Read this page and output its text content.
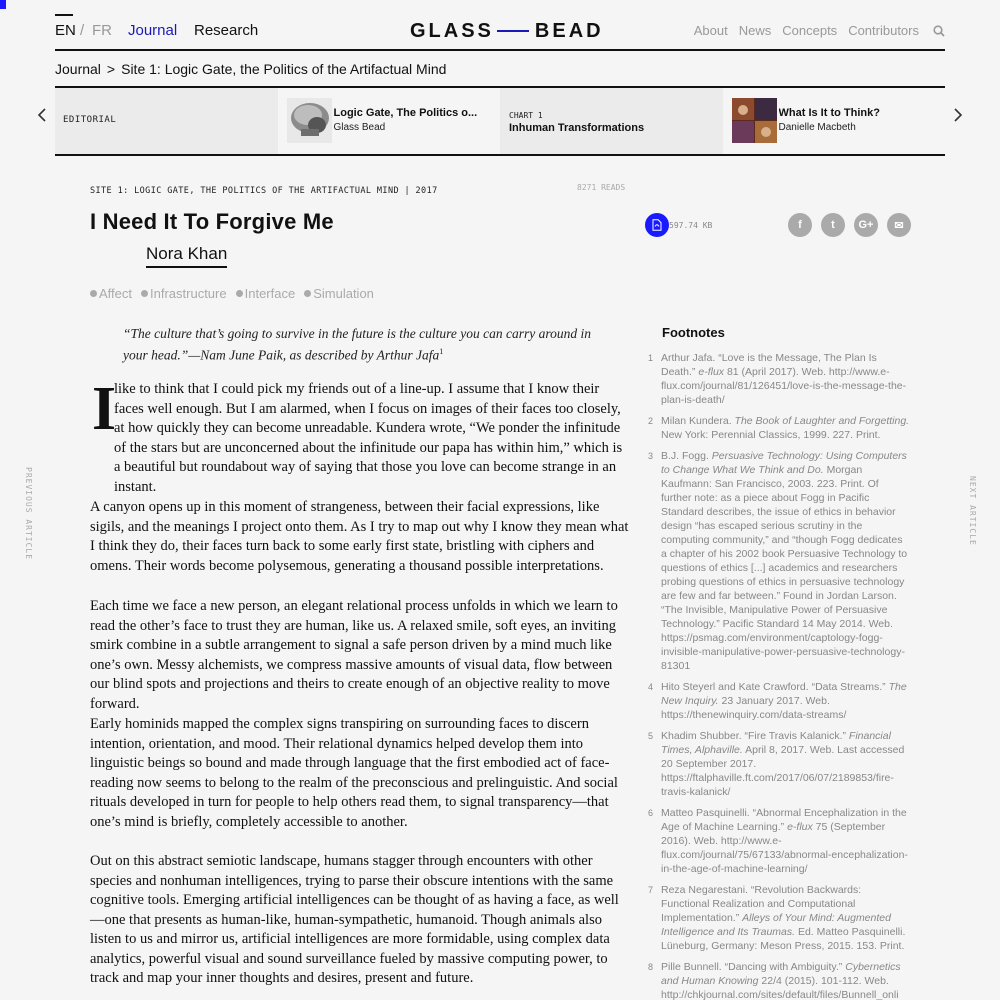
EN / FR Journal Research	GLASS BEAD	About News Concepts Contributors
Journal > Site 1: Logic Gate, the Politics of the Artifactual Mind
EDITORIAL
Logic Gate, The Politics o...
Glass Bead
CHART 1
Inhuman Transformations
What Is It to Think?
Danielle Macbeth
PREVIOUS ARTICLE	NEXT ARTICLE
SITE 1: LOGIC GATE, THE POLITICS OF THE ARTIFACTUAL MIND | 2017	8271 READS
I Need It To Forgive Me
Nora Khan
Affect	Infrastructure	Interface	Simulation
597.74 KB	f	t G+ ✉

“The culture that’s going to survive in the future is the culture you can carry around in your head.”—Nam June Paik, as described by Arthur Jafa$^1$

I

like to think that I could pick my friends out of a line-up. I assume that I know their faces well enough. But I am alarmed, when I focus on images of their faces too closely, at how quickly they can become unreadable. Kundera wrote, “We ponder the infinitude of the stars but are unconcerned about the infinitude our papa has within him,” which is a beautiful but roundabout way of saying that those you love can become strange in an instant.

A canyon opens up in this moment of strangeness, between their facial expressions, like sigils, and the meanings I project onto them. As I try to map out why I know they mean what I think they do, their faces turn back to some early first state, bristling with ciphers and omens. Their words become polysemous, generating a thousand possible interpretations.

Each time we face a new person, an elegant relational process unfolds in which we learn to read the other’s face to trust they are human, like us. A relaxed smile, soft eyes, an inviting smirk combine in a subtle arrangement to signal a safe person driven by a mind much like one’s own. Messy alchemists, we compress massive amounts of visual data, flow between our blind spots and projections and theirs to create enough of an objective reality to move forward.

Early hominids mapped the complex signs transpiring on surrounding faces to discern intention, orientation, and mood. Their relational dynamics helped develop them into linguistic beings so bound and made through language that the first embodied act of face-reading now seems to belong to the realm of the preconscious and prelinguistic. And social rituals developed in turn for people to help others read them, to signal transparency—that one’s mind is briefly, completely accessible to another.

Out on this abstract semiotic landscape, humans stagger through encounters with other species and nonhuman intelligences, trying to parse their obscure intentions with the same cognitive tools. Emerging artificial intelligences can be thought of as having a face, as well—one that presents as human-like, human-sympathetic, humanoid. Though animals also listen to us and mirror us, artificial intelligences are more formidable, using complex data analytics, powerful visual and sound surveillance fueled by massive computing power, to track and map your inner thoughts and desires, present and future.

Footnotes
1 Arthur Jafa. “Love is the Message, The Plan Is Death.” e-flux 81 (April 2017). Web. http://www.e-flux.com/journal/81/126451/love-is-the-message-the-plan-is-death/
2 Milan Kundera. The Book of Laughter and Forgetting. New York: Perennial Classics, 1999. 227. Print.
3 B.J. Fogg. Persuasive Technology: Using Computers to Change What We Think and Do. Morgan Kaufmann: San Francisco, 2003. 223. Print. Of further note: as a piece about Fogg in Pacific Standard describes, the issue of ethics in behavior design “has escaped serious scrutiny in the computing community,” and “though Fogg dedicates a chapter of his 2002 book Persuasive Technology to questions of ethics [...] academics and researchers probing questions of ethics in persuasive technology are few and far between.” Found in Jordan Larson. “The Invisible, Manipulative Power of Persuasive Technology.” Pacific Standard 14 May 2014. Web. https://psmag.com/environment/captology-fogg-invisible-manipulative-power-persuasive-technology-81301
4 Hito Steyerl and Kate Crawford. “Data Streams.” The New Inquiry. 23 January 2017. Web. https://thenewinquiry.com/data-streams/
5 Khadim Shubber. “Fire Travis Kalanick.” Financial Times, Alphaville. April 8, 2017. Web. Last accessed 20 September 2017. https://ftalphaville.ft.com/2017/06/07/2189853/fire-travis-kalanick/
6 Matteo Pasquinelli. “Abnormal Encephalization in the Age of Machine Learning.” e-flux 75 (September 2016). Web. http://www.e-flux.com/journal/75/67133/abnormal-encephalization-in-the-age-of-machine-learning/
7 Reza Negarestani. “Revolution Backwards: Functional Realization and Computational Implementation.” Alleys of Your Mind: Augmented Intelligence and Its Traumas. Ed. Matteo Pasquinelli. Lüneburg, Germany: Meson Press, 2015. 153. Print.
8 Pille Bunnell. “Dancing with Ambiguity.” Cybernetics and Human Knowing 22/4 (2015). 101-112. Web. http://chkjournal.com/sites/default/files/Bunnell_onli
